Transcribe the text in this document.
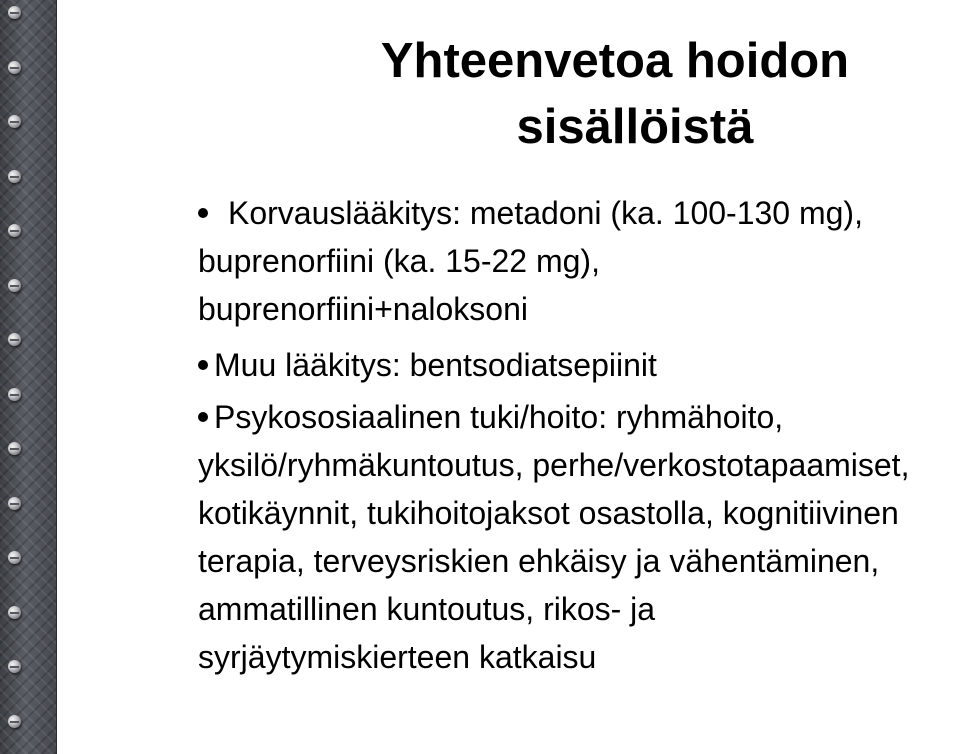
Yhteenvetoa hoidon
sisällöistä
Korvauslääkitys: metadoni (ka. 100-130 mg), buprenorfiini (ka. 15-22 mg), buprenorfiini+naloksoni
Muu lääkitys: bentsodiatsepiinit
Psykososiaalinen tuki/hoito: ryhmähoito, yksilö/ryhmäkuntoutus, perhe/verkostotapaamiset, kotikäynnit, tukihoitojaksot osastolla, kognitiivinen terapia, terveysriskien ehkäisy ja vähentäminen, ammatillinen kuntoutus, rikos- ja syrjäytymiskierteen katkaisu
